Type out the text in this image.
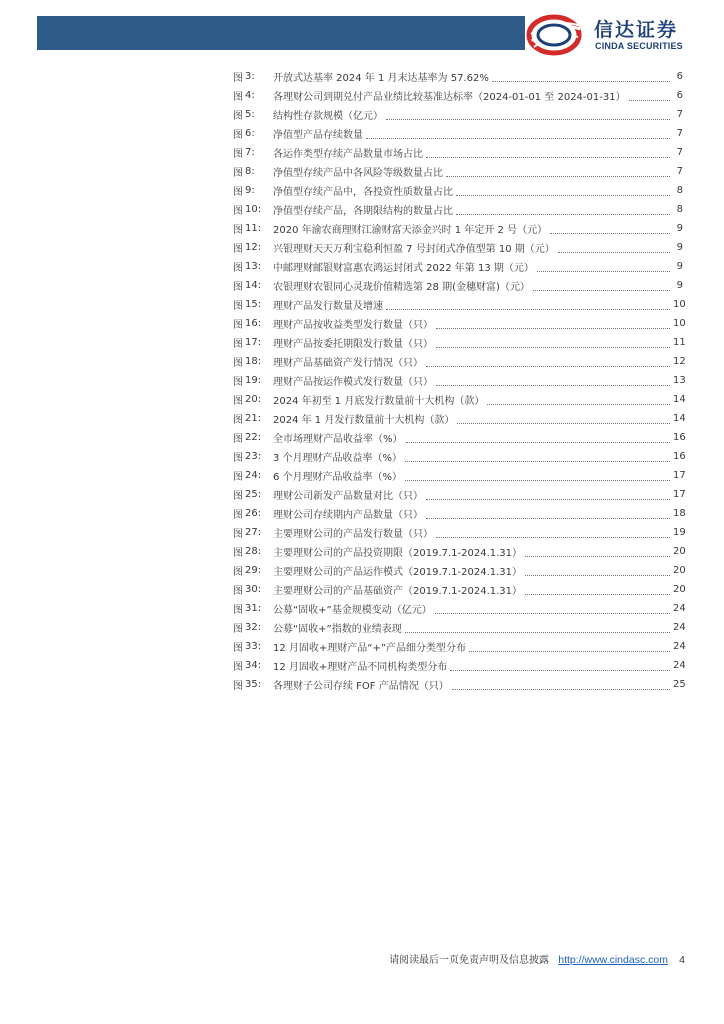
信达证券
CINDA SECURITIES
图 3:	开放式达基率 2024 年 1 月末达基率为 57.62%	6
图 4:	各理财公司到期兑付产品业绩比较基准达标率（2024-01-01 至 2024-01-31）	6
图 5:	结构性存款规模（亿元）	7
图 6:	净值型产品存续数量	7
图 7:	各运作类型存续产品数量市场占比	7
图 8:	净值型存续产品中各风险等级数量占比	7
图 9:	净值型存续产品中，各投资性质数量占比	8
图 10:	净值型存续产品，各期限结构的数量占比	8
图 11:	2020 年渝农商理财江渝财富天添金兴时 1 年定开 2 号（元）	9
图 12:	兴银理财天天万利宝稳利恒盈 7 号封闭式净值型第 10 期（元）	9
图 13:	中邮理财邮银财富惠农鸿运封闭式 2022 年第 13 期（元）	9
图 14:	农银理财农银同心灵珑价值精选第 28 期(金穗财富)（元）	9
图 15:	理财产品发行数量及增速	10
图 16:	理财产品按收益类型发行数量（只）	10
图 17:	理财产品按委托期限发行数量（只）	11
图 18:	理财产品基础资产发行情况（只）	12
图 19:	理财产品按运作模式发行数量（只）	13
图 20:	2024 年初至 1 月底发行数量前十大机构（款）	14
图 21:	2024 年 1 月发行数量前十大机构（款）	14
图 22:	全市场理财产品收益率（%）	16
图 23:	3 个月理财产品收益率（%）	16
图 24:	6 个月理财产品收益率（%）	17
图 25:	理财公司新发产品数量对比（只）	17
图 26:	理财公司存续期内产品数量（只）	18
图 27:	主要理财公司的产品发行数量（只）	19
图 28:	主要理财公司的产品投资期限（2019.7.1-2024.1.31）	20
图 29:	主要理财公司的产品运作模式（2019.7.1-2024.1.31）	20
图 30:	主要理财公司的产品基础资产（2019.7.1-2024.1.31）	20
图 31:	公募“固收+”基金规模变动（亿元）	24
图 32:	公募“固收+”指数的业绩表现	24
图 33:	12 月固收+理财产品“+”产品细分类型分布	24
图 34:	12 月固收+理财产品不同机构类型分布	24
图 35:	各理财子公司存续 FOF 产品情况（只）	25
请阅读最后一页免责声明及信息披露 http://www.cindasc.com 4
